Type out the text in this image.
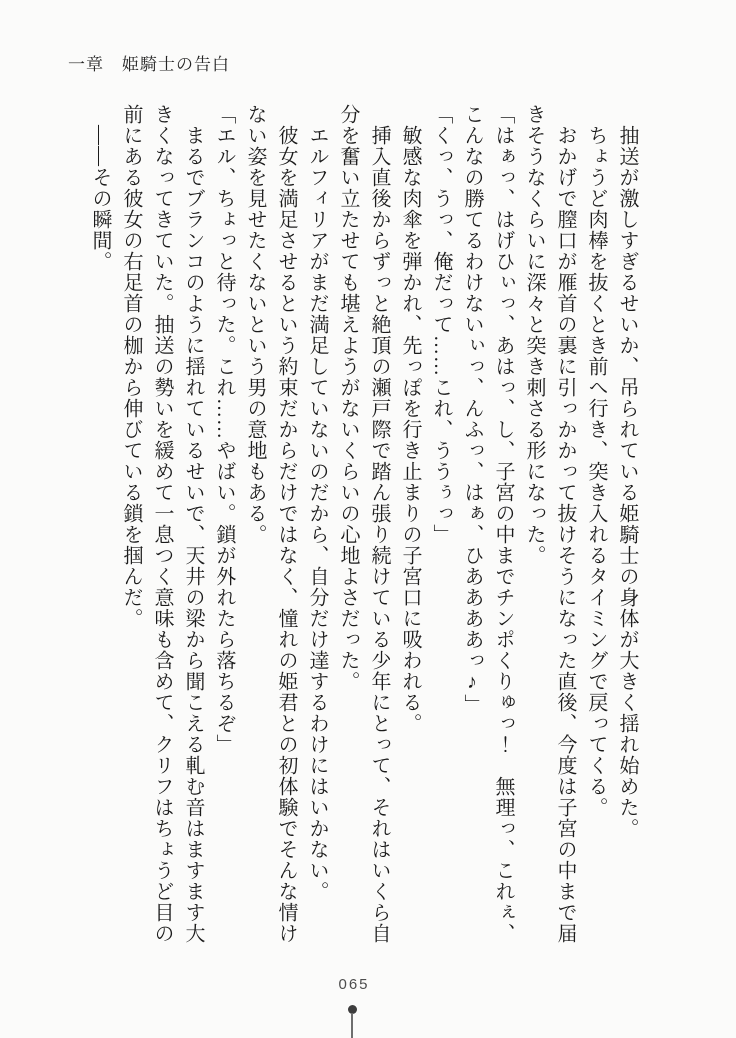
一章　姫騎士の告白

　抽送が激しすぎるせいか、吊られている姫騎士の身体が大きく揺れ始めた。

　ちょうど肉棒を抜くとき前へ行き、突き入れるタイミングで戻ってくる。

　おかげで膣口が雁首の裏に引っかかって抜けそうになった直後、今度は子宮の中まで届

きそうなくらいに深々と突き刺さる形になった。

「はぁっ、はげひぃっ、あはっ、し、子宮の中までチンポくりゅっ！　無理っ、これぇ、

こんなの勝てるわけないぃっ、んふっ、はぁ、ひああああっ♪」

「くっ、うっ、俺だって……これ、ううぅっ」

　敏感な肉傘を弾かれ、先っぽを行き止まりの子宮口に吸われる。

　挿入直後からずっと絶頂の瀬戸際で踏ん張り続けている少年にとって、それはいくら自

分を奮い立たせても堪えようがないくらいの心地よさだった。

　エルフィリアがまだ満足していないのだから、自分だけ達するわけにはいかない。

　彼女を満足させるという約束だからだけではなく、憧れの姫君との初体験でそんな情け

ない姿を見せたくないという男の意地もある。

「エル、ちょっと待った。これ……やばい。鎖が外れたら落ちるぞ」

　まるでブランコのように揺れているせいで、天井の梁から聞こえる軋む音はますます大

きくなってきていた。抽送の勢いを緩めて一息つく意味も含めて、クリフはちょうど目の

前にある彼女の右足首の枷から伸びている鎖を掴んだ。

　――その瞬間。

065
